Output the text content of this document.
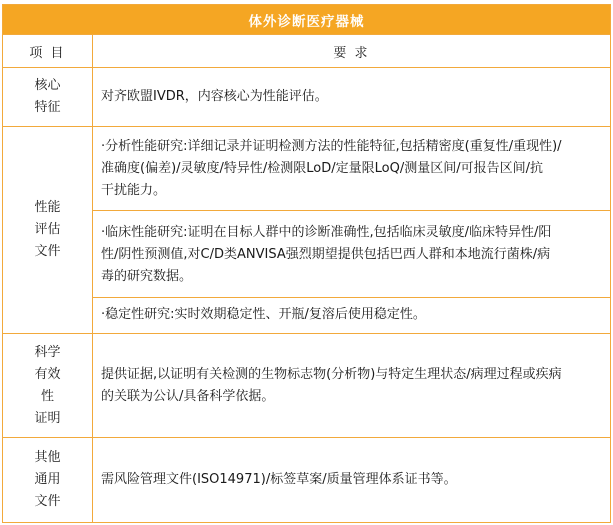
体外诊断医疗器械	
项 目	要 求

核心
特征	对齐欧盟IVDR，内容核心为性能评估。

性能
评估
文件	·分析性能研究:详细记录并证明检测方法的性能特征,包括精密度(重复性/重现性)/
准确度(偏差)/灵敏度/特异性/检测限LoD/定量限LoQ/测量区间/可报告区间/抗
干扰能力。

	·临床性能研究:证明在目标人群中的诊断准确性,包括临床灵敏度/临床特异性/阳
性/阴性预测值,对C/D类ANVISA强烈期望提供包括巴西人群和本地流行菌株/病
毒的研究数据。

	·稳定性研究:实时效期稳定性、开瓶/复溶后使用稳定性。

科学
有效
性
证明	提供证据,以证明有关检测的生物标志物(分析物)与特定生理状态/病理过程或疾病
的关联为公认/具备科学依据。

其他
通用
文件	需风险管理文件(ISO14971)/标签草案/质量管理体系证书等。
